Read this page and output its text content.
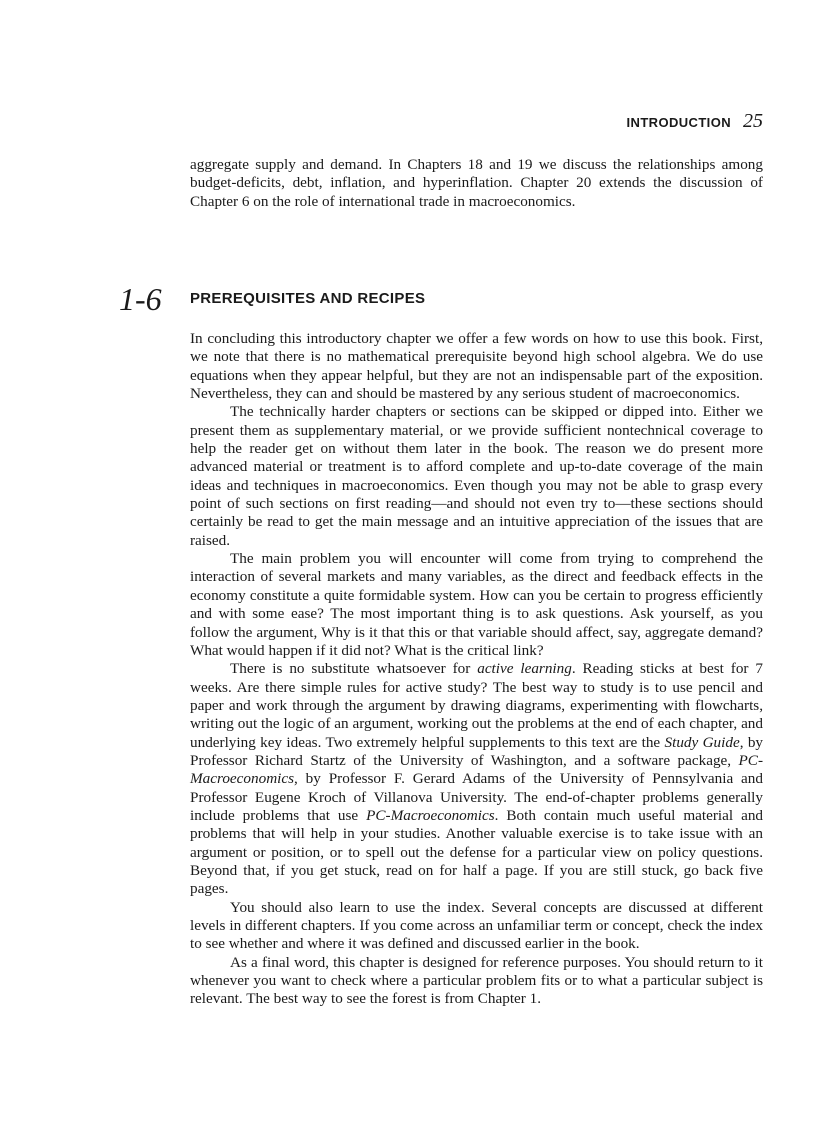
INTRODUCTION 25

aggregate supply and demand. In Chapters 18 and 19 we discuss the relationships among budget-deficits, debt, inflation, and hyperinflation. Chapter 20 extends the discussion of Chapter 6 on the role of international trade in macroeconomics.

1-6 PREREQUISITES AND RECIPES

In concluding this introductory chapter we offer a few words on how to use this book. First, we note that there is no mathematical prerequisite beyond high school algebra. We do use equations when they appear helpful, but they are not an indispensable part of the exposition. Nevertheless, they can and should be mastered by any serious student of macroeconomics.

The technically harder chapters or sections can be skipped or dipped into. Either we present them as supplementary material, or we provide sufficient nontechnical coverage to help the reader get on without them later in the book. The reason we do present more advanced material or treatment is to afford complete and up-to-date coverage of the main ideas and techniques in macroeconomics. Even though you may not be able to grasp every point of such sections on first reading—and should not even try to—these sections should certainly be read to get the main message and an intuitive appreciation of the issues that are raised.

The main problem you will encounter will come from trying to comprehend the interaction of several markets and many variables, as the direct and feedback effects in the economy constitute a quite formidable system. How can you be certain to progress efficiently and with some ease? The most important thing is to ask questions. Ask yourself, as you follow the argument, Why is it that this or that variable should affect, say, aggregate demand? What would happen if it did not? What is the critical link?

There is no substitute whatsoever for active learning. Reading sticks at best for 7 weeks. Are there simple rules for active study? The best way to study is to use pencil and paper and work through the argument by drawing diagrams, experimenting with flowcharts, writing out the logic of an argument, working out the problems at the end of each chapter, and underlying key ideas. Two extremely helpful supplements to this text are the Study Guide, by Professor Richard Startz of the University of Washington, and a software package, PC-Macroeconomics, by Professor F. Gerard Adams of the University of Pennsylvania and Professor Eugene Kroch of Villanova University. The end-of-chapter problems generally include problems that use PC-Macroeconomics. Both contain much useful material and problems that will help in your studies. Another valuable exercise is to take issue with an argument or position, or to spell out the defense for a particular view on policy questions. Beyond that, if you get stuck, read on for half a page. If you are still stuck, go back five pages.

You should also learn to use the index. Several concepts are discussed at different levels in different chapters. If you come across an unfamiliar term or concept, check the index to see whether and where it was defined and discussed earlier in the book.

As a final word, this chapter is designed for reference purposes. You should return to it whenever you want to check where a particular problem fits or to what a particular subject is relevant. The best way to see the forest is from Chapter 1.
